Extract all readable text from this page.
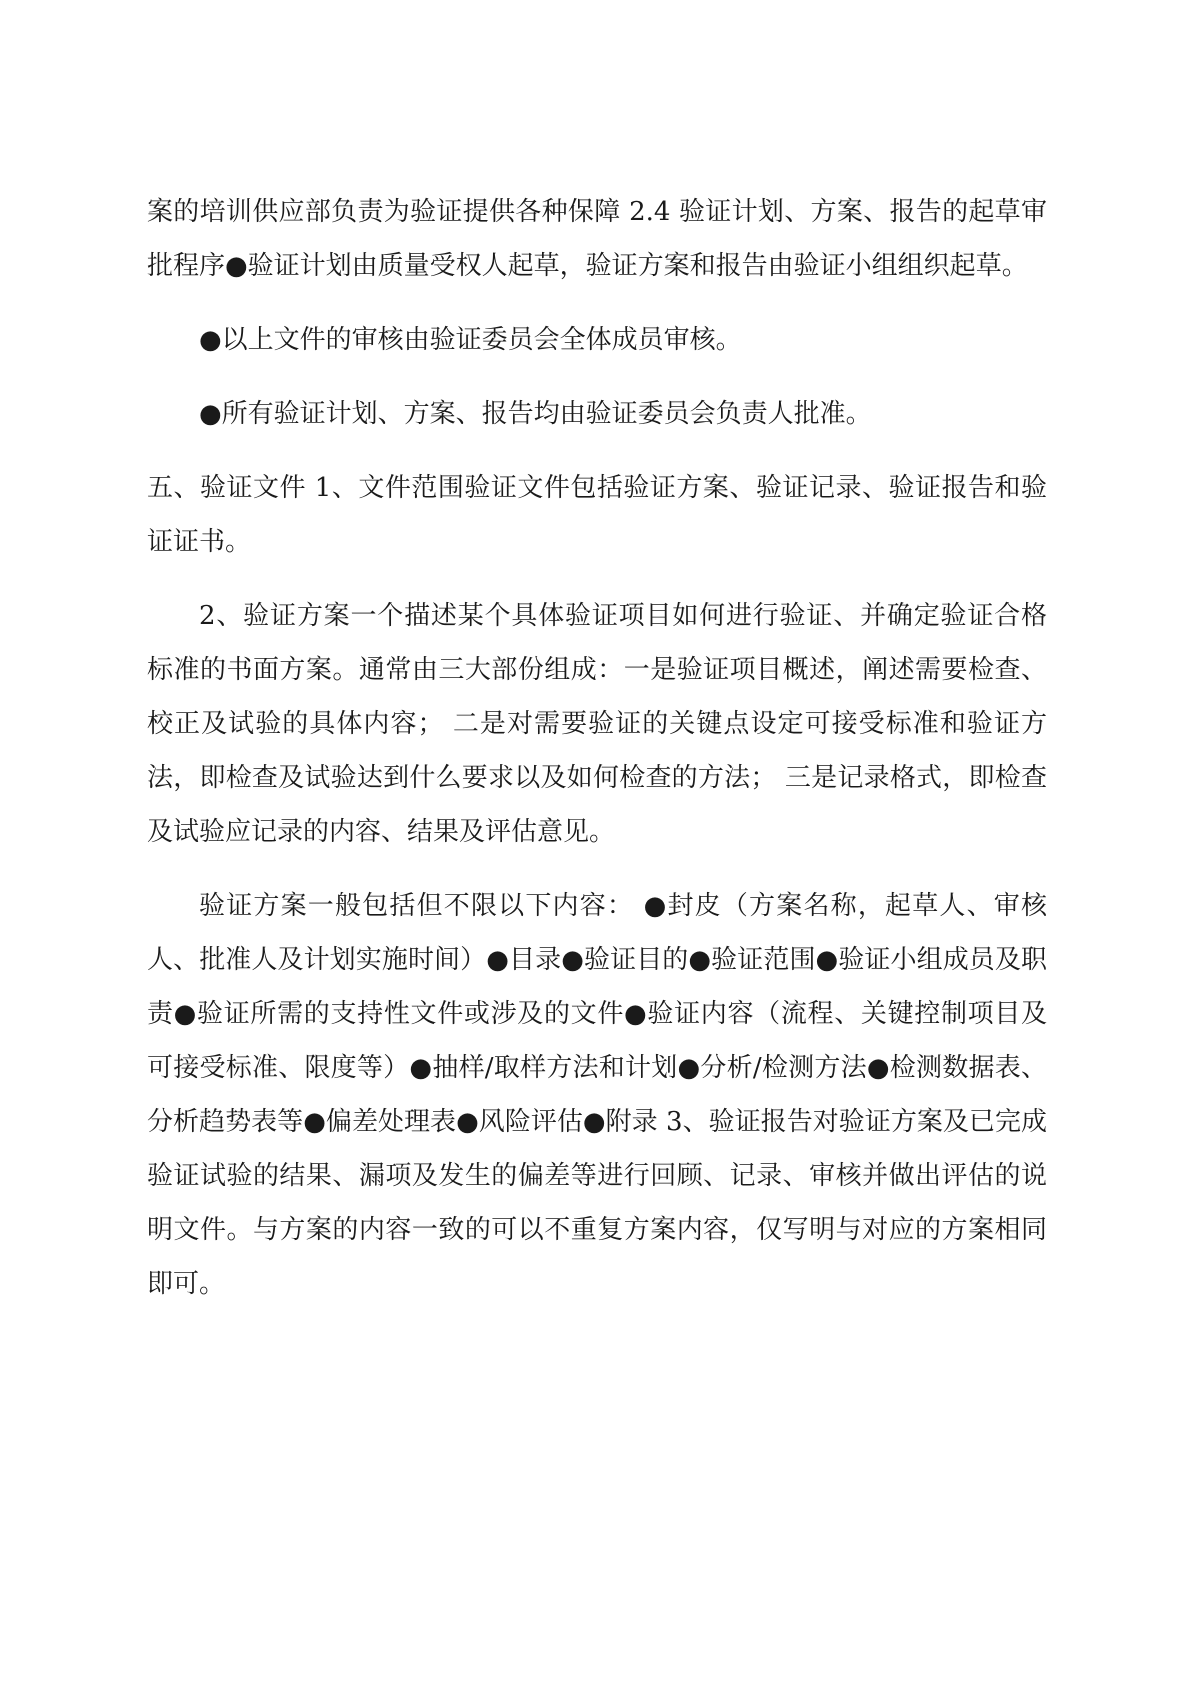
案的培训供应部负责为验证提供各种保障 2.4 验证计划、方案、报告的起草审批程序●验证计划由质量受权人起草，验证方案和报告由验证小组组织起草。

●以上文件的审核由验证委员会全体成员审核。

●所有验证计划、方案、报告均由验证委员会负责人批准。

五、验证文件 1、文件范围验证文件包括验证方案、验证记录、验证报告和验证证书。

2、验证方案一个描述某个具体验证项目如何进行验证、并确定验证合格标准的书面方案。通常由三大部份组成：一是验证项目概述，阐述需要检查、校正及试验的具体内容； 二是对需要验证的关键点设定可接受标准和验证方法，即检查及试验达到什么要求以及如何检查的方法； 三是记录格式，即检查及试验应记录的内容、结果及评估意见。

验证方案一般包括但不限以下内容： ●封皮（方案名称，起草人、审核人、批准人及计划实施时间）●目录●验证目的●验证范围●验证小组成员及职责●验证所需的支持性文件或涉及的文件●验证内容（流程、关键控制项目及可接受标准、限度等）●抽样/取样方法和计划●分析/检测方法●检测数据表、分析趋势表等●偏差处理表●风险评估●附录 3、验证报告对验证方案及已完成验证试验的结果、漏项及发生的偏差等进行回顾、记录、审核并做出评估的说明文件。与方案的内容一致的可以不重复方案内容，仅写明与对应的方案相同即可。
